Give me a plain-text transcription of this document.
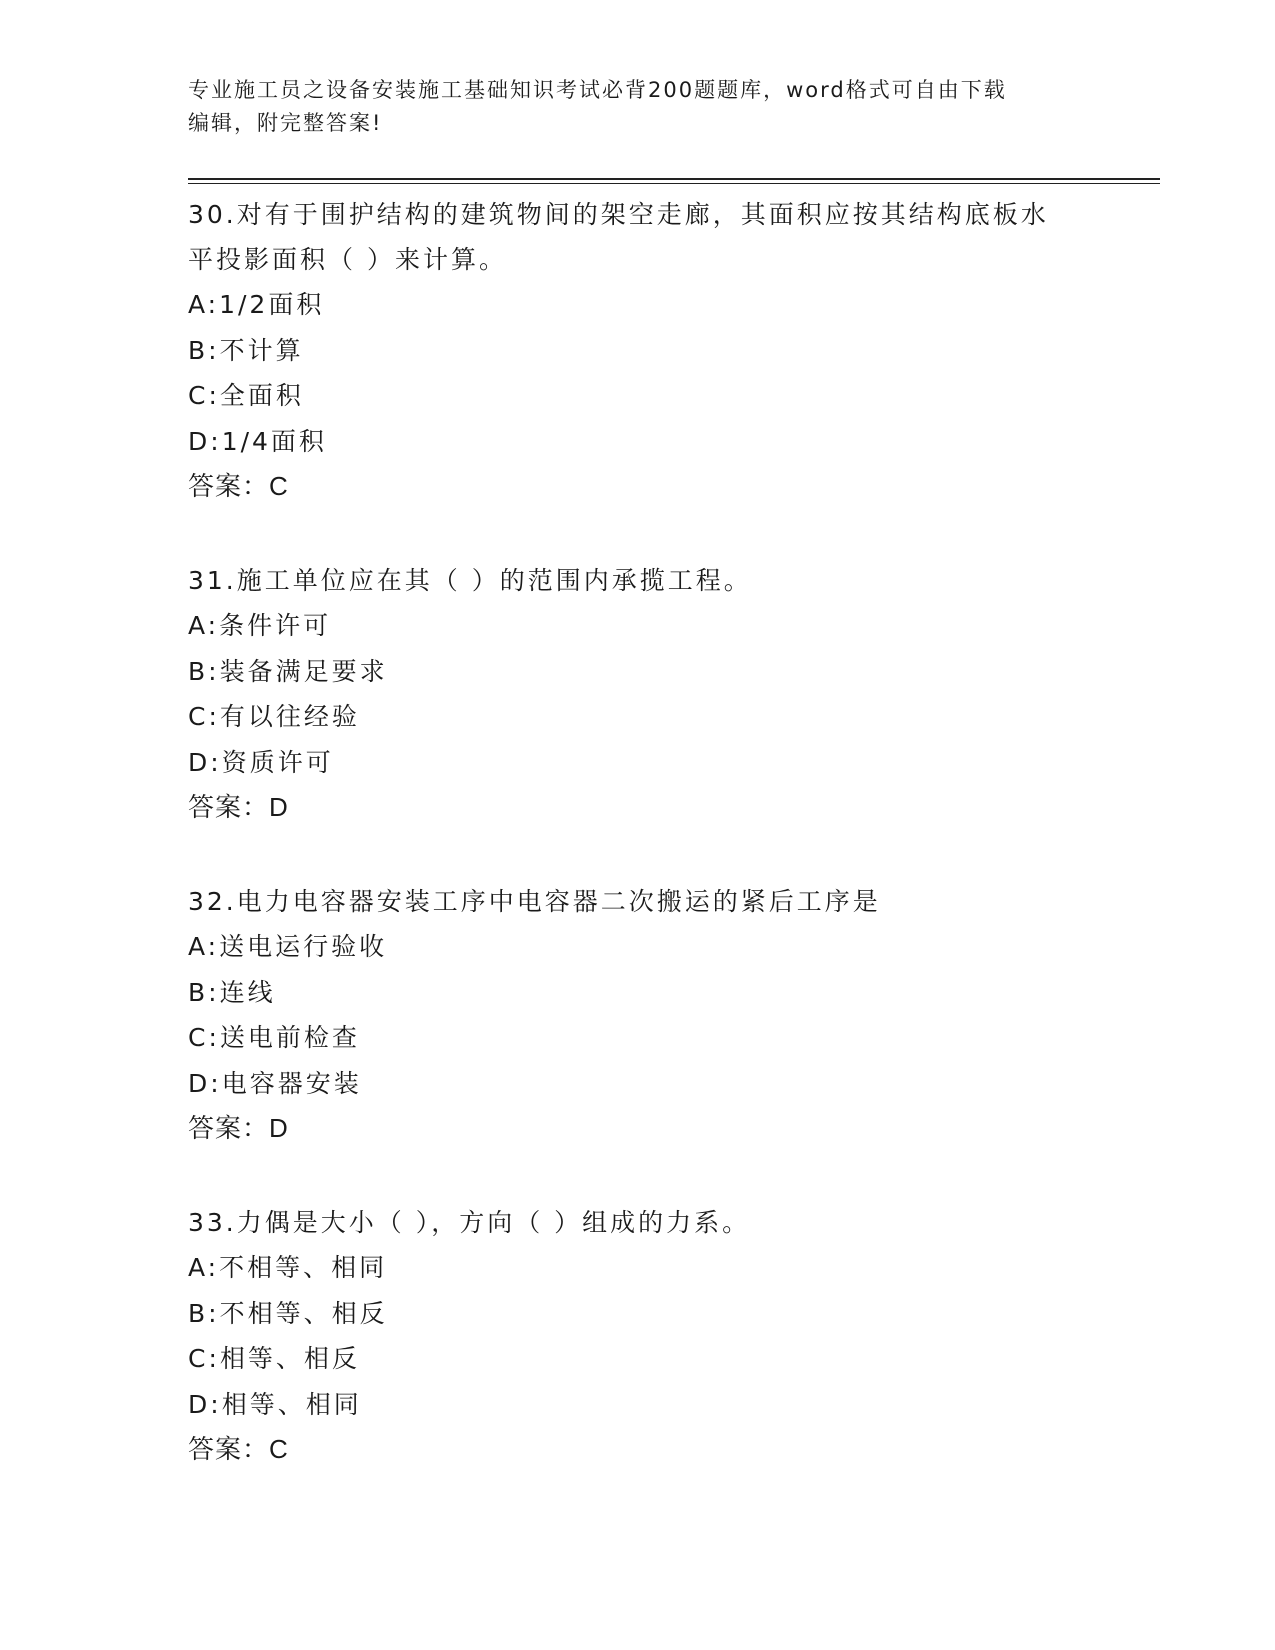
专业施工员之设备安装施工基础知识考试必背200题题库，word格式可自由下载
编辑，附完整答案!
30.对有于围护结构的建筑物间的架空走廊，其面积应按其结构底板水
平投影面积（ ）来计算。
A:1/2面积
B:不计算
C:全面积
D:1/4面积
答案：C
31.施工单位应在其（ ）的范围内承揽工程。
A:条件许可
B:装备满足要求
C:有以往经验
D:资质许可
答案：D
32.电力电容器安装工序中电容器二次搬运的紧后工序是
A:送电运行验收
B:连线
C:送电前检查
D:电容器安装
答案：D
33.力偶是大小（ ），方向（ ）组成的力系。
A:不相等、相同
B:不相等、相反
C:相等、相反
D:相等、相同
答案：C
